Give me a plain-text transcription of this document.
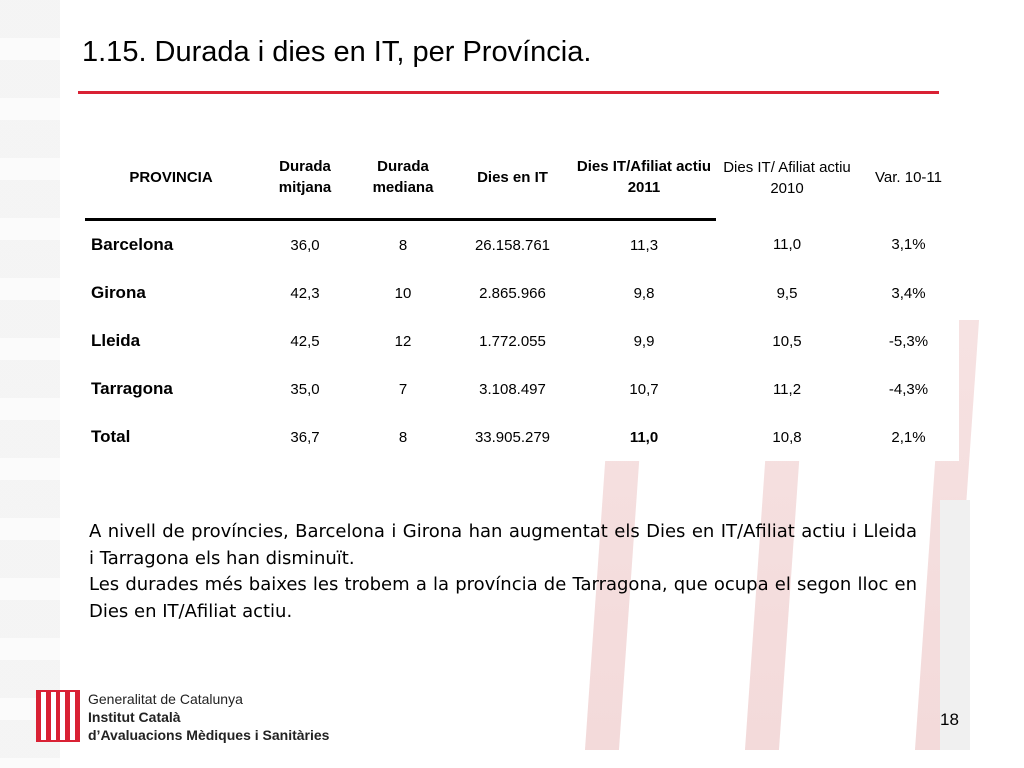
1.15. Durada i dies en IT, per Província.
PROVINCIA	Durada mitjana	Durada mediana	Dies en IT	Dies IT/Afiliat actiu 2011	Dies IT/ Afiliat actiu 2010	Var. 10-11
Barcelona	36,0	8	26.158.761	11,3	11,0	3,1%
Girona	42,3	10	2.865.966	9,8	9,5	3,4%
Lleida	42,5	12	1.772.055	9,9	10,5	-5,3%
Tarragona	35,0	7	3.108.497	10,7	11,2	-4,3%
Total	36,7	8	33.905.279	11,0	10,8	2,1%
A nivell de províncies, Barcelona i Girona han augmentat els Dies en IT/Afiliat actiu i Lleida i Tarragona els han disminuït.
Les durades més baixes les trobem a la província de Tarragona, que ocupa el segon lloc en Dies en IT/Afiliat actiu.
Generalitat de Catalunya
Institut Català
d’Avaluacions Mèdiques i Sanitàries
18
